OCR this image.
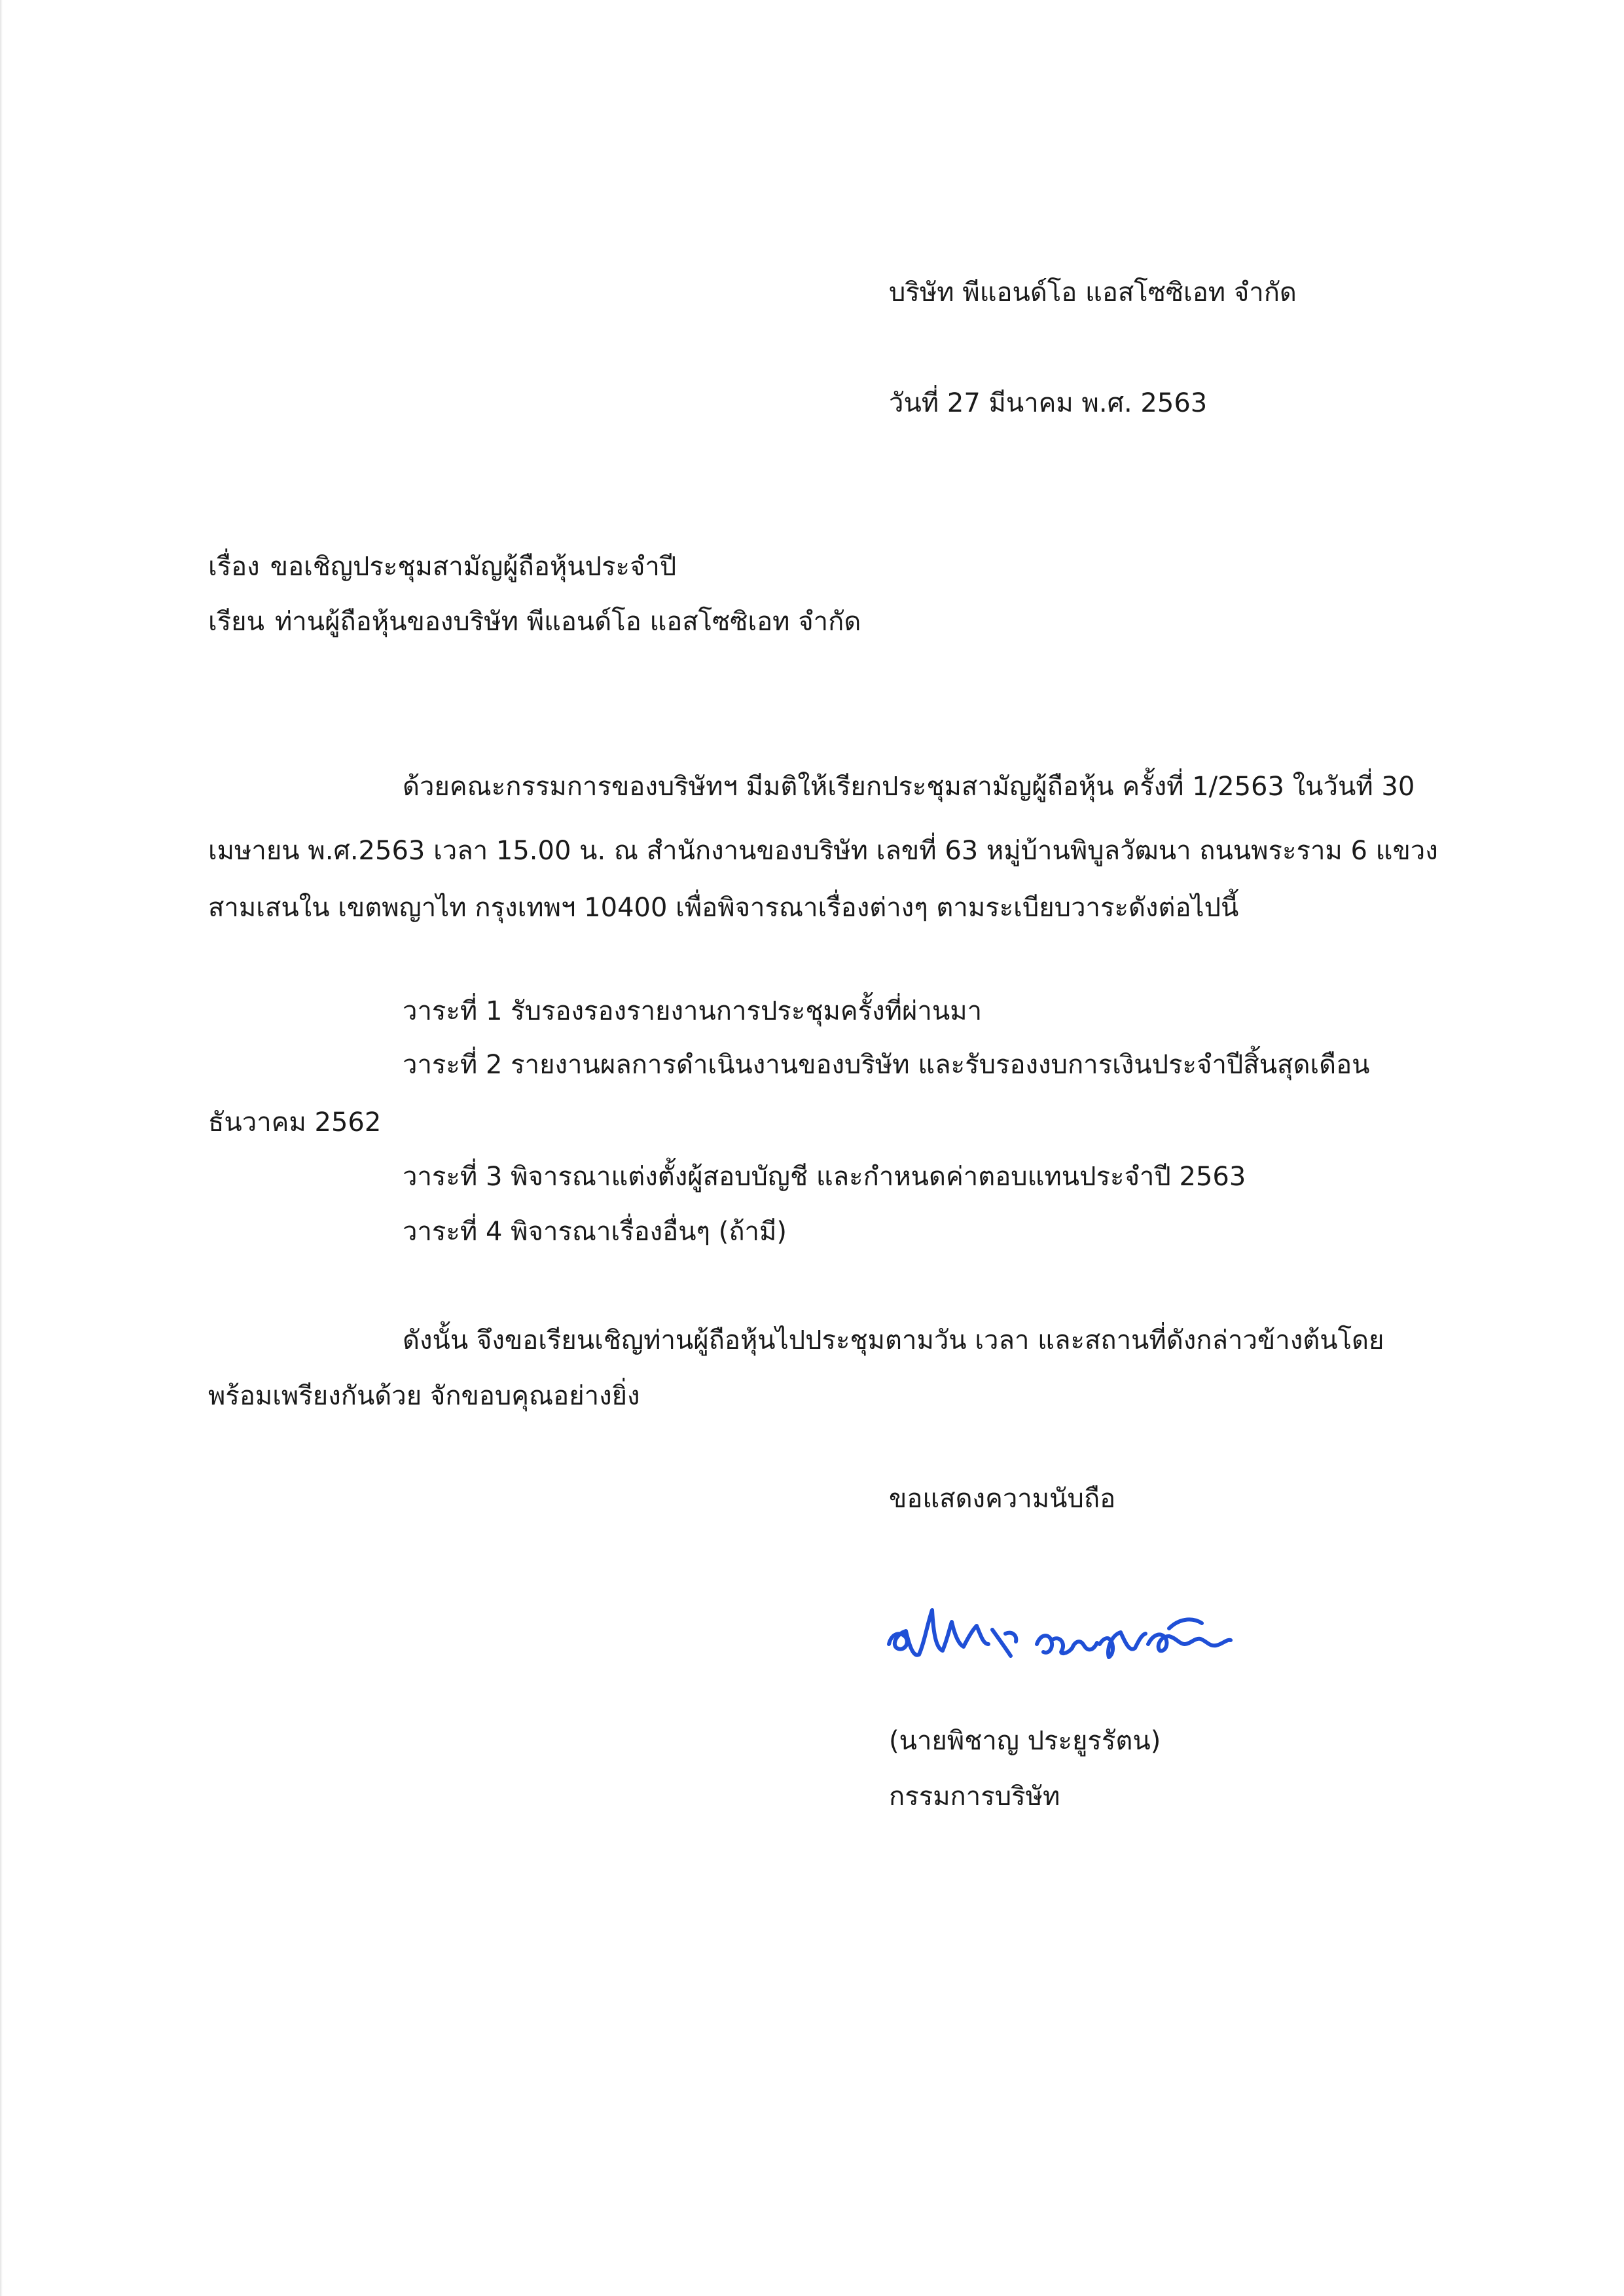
บริษัท พีแอนด์โอ แอสโซซิเอท จำกัด
วันที่ 27 มีนาคม พ.ศ. 2563
เรื่อง ขอเชิญประชุมสามัญผู้ถือหุ้นประจำปี
เรียน ท่านผู้ถือหุ้นของบริษัท พีแอนด์โอ แอสโซซิเอท จำกัด
ด้วยคณะกรรมการของบริษัทฯ มีมติให้เรียกประชุมสามัญผู้ถือหุ้น ครั้งที่ 1/2563 ในวันที่ 30
เมษายน พ.ศ.2563 เวลา 15.00 น. ณ สำนักงานของบริษัท เลขที่ 63 หมู่บ้านพิบูลวัฒนา ถนนพระราม 6 แขวง
สามเสนใน เขตพญาไท กรุงเทพฯ 10400 เพื่อพิจารณาเรื่องต่างๆ ตามระเบียบวาระดังต่อไปนี้
วาระที่ 1 รับรองรองรายงานการประชุมครั้งที่ผ่านมา
วาระที่ 2 รายงานผลการดำเนินงานของบริษัท และรับรองงบการเงินประจำปีสิ้นสุดเดือน
ธันวาคม 2562
วาระที่ 3 พิจารณาแต่งตั้งผู้สอบบัญชี และกำหนดค่าตอบแทนประจำปี 2563
วาระที่ 4 พิจารณาเรื่องอื่นๆ (ถ้ามี)
ดังนั้น จึงขอเรียนเชิญท่านผู้ถือหุ้นไปประชุมตามวัน เวลา และสถานที่ดังกล่าวข้างต้นโดย
พร้อมเพรียงกันด้วย จักขอบคุณอย่างยิ่ง
ขอแสดงความนับถือ
พิชาญ ประยูรรัตน
(นายพิชาญ ประยูรรัตน)
กรรมการบริษัท
